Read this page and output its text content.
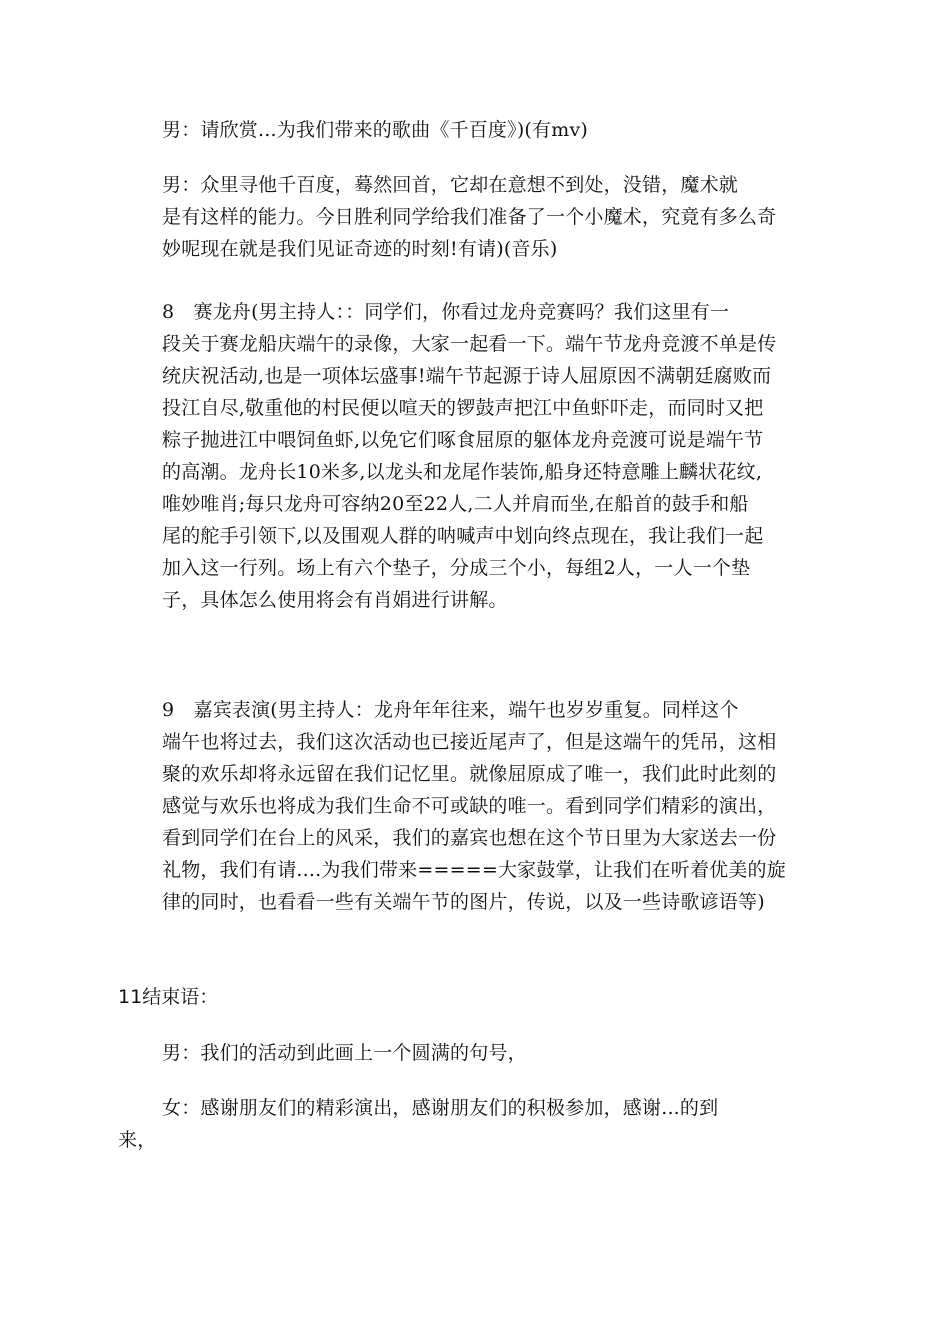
男：请欣赏...为我们带来的歌曲《千百度》)(有mv)

男：众里寻他千百度，蓦然回首，它却在意想不到处，没错，魔术就
是有这样的能力。今日胜利同学给我们准备了一个小魔术，究竟有多么奇
妙呢现在就是我们见证奇迹的时刻!有请)(音乐)

8　赛龙舟(男主持人：：同学们，你看过龙舟竞赛吗？我们这里有一
段关于赛龙船庆端午的录像，大家一起看一下。端午节龙舟竞渡不单是传
统庆祝活动,也是一项体坛盛事!端午节起源于诗人屈原因不满朝廷腐败而
投江自尽,敬重他的村民便以喧天的锣鼓声把江中鱼虾吓走，而同时又把
粽子抛进江中喂饲鱼虾,以免它们啄食屈原的躯体龙舟竞渡可说是端午节
的高潮。龙舟长10米多,以龙头和龙尾作装饰,船身还特意雕上麟状花纹,
唯妙唯肖;每只龙舟可容纳20至22人,二人并肩而坐,在船首的鼓手和船
尾的舵手引领下,以及围观人群的呐喊声中划向终点现在，我让我们一起
加入这一行列。场上有六个垫子，分成三个小，每组2人，一人一个垫
子，具体怎么使用将会有肖娟进行讲解。

9　嘉宾表演(男主持人：龙舟年年往来，端午也岁岁重复。同样这个
端午也将过去，我们这次活动也已接近尾声了，但是这端午的凭吊，这相
聚的欢乐却将永远留在我们记忆里。就像屈原成了唯一，我们此时此刻的
感觉与欢乐也将成为我们生命不可或缺的唯一。看到同学们精彩的演出，
看到同学们在台上的风采，我们的嘉宾也想在这个节日里为大家送去一份
礼物，我们有请....为我们带来=====大家鼓掌，让我们在听着优美的旋
律的同时，也看看一些有关端午节的图片，传说，以及一些诗歌谚语等)

11结束语：

男：我们的活动到此画上一个圆满的句号，

女：感谢朋友们的精彩演出，感谢朋友们的积极参加，感谢...的到
来，
